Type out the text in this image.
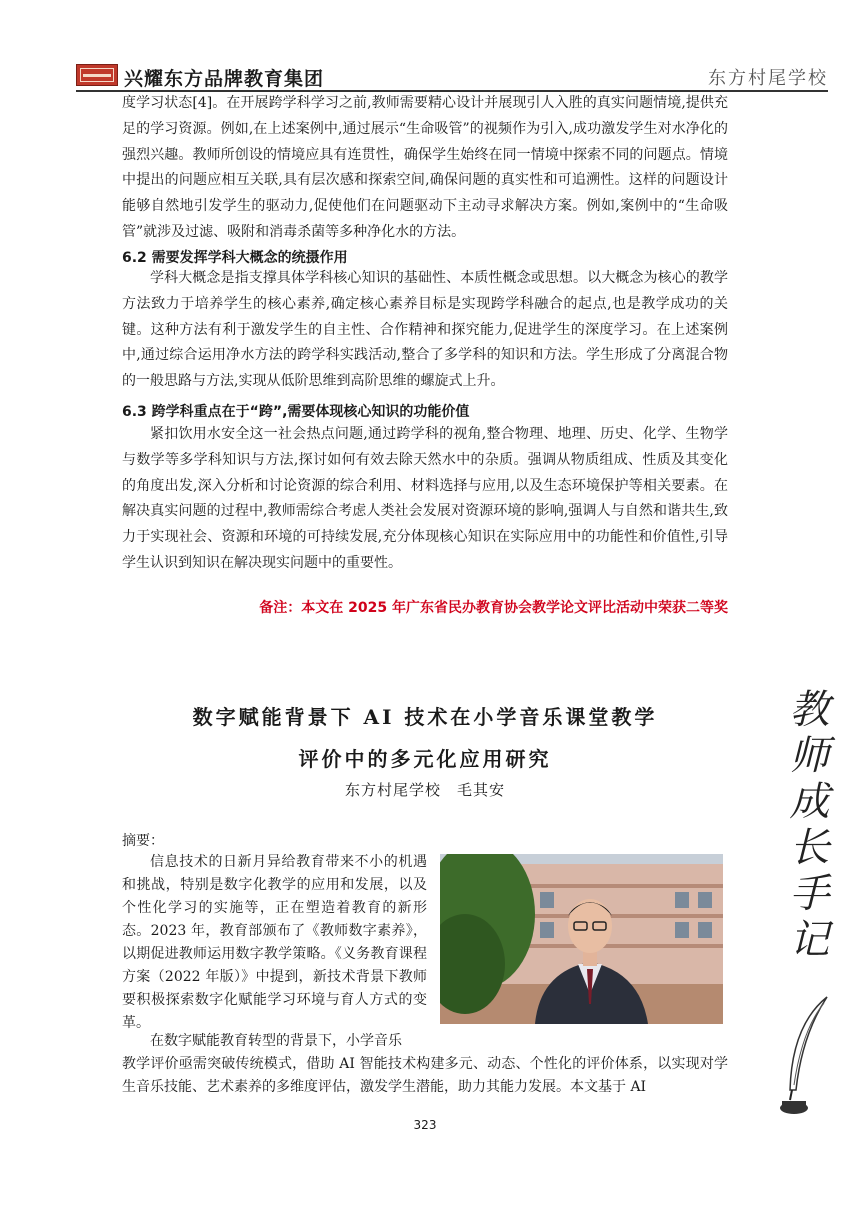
兴耀东方品牌教育集团	东方村尾学校

度学习状态[4]。在开展跨学科学习之前,教师需要精心设计并展现引人入胜的真实问题情境,提供充足的学习资源。例如,在上述案例中,通过展示“生命吸管”的视频作为引入,成功激发学生对水净化的强烈兴趣。教师所创设的情境应具有连贯性，确保学生始终在同一情境中探索不同的问题点。情境中提出的问题应相互关联,具有层次感和探索空间,确保问题的真实性和可追溯性。这样的问题设计能够自然地引发学生的驱动力,促使他们在问题驱动下主动寻求解决方案。例如,案例中的“生命吸管”就涉及过滤、吸附和消毒杀菌等多种净化水的方法。

6.2 需要发挥学科大概念的统摄作用

学科大概念是指支撑具体学科核心知识的基础性、本质性概念或思想。以大概念为核心的教学方法致力于培养学生的核心素养,确定核心素养目标是实现跨学科融合的起点,也是教学成功的关键。这种方法有利于激发学生的自主性、合作精神和探究能力,促进学生的深度学习。在上述案例中,通过综合运用净水方法的跨学科实践活动,整合了多学科的知识和方法。学生形成了分离混合物的一般思路与方法,实现从低阶思维到高阶思维的螺旋式上升。

6.3 跨学科重点在于“跨”,需要体现核心知识的功能价值

紧扣饮用水安全这一社会热点问题,通过跨学科的视角,整合物理、地理、历史、化学、生物学与数学等多学科知识与方法,探讨如何有效去除天然水中的杂质。强调从物质组成、性质及其变化的角度出发,深入分析和讨论资源的综合利用、材料选择与应用,以及生态环境保护等相关要素。在解决真实问题的过程中,教师需综合考虑人类社会发展对资源环境的影响,强调人与自然和谐共生,致力于实现社会、资源和环境的可持续发展,充分体现核心知识在实际应用中的功能性和价值性,引导学生认识到知识在解决现实问题中的重要性。

备注：本文在 2025 年广东省民办教育协会教学论文评比活动中荣获二等奖
数字赋能背景下 AI 技术在小学音乐课堂教学
评价中的多元化应用研究
东方村尾学校　毛其安
摘要：

信息技术的日新月异给教育带来不小的机遇和挑战，特别是数字化教学的应用和发展，以及个性化学习的实施等，正在塑造着教育的新形态。2023 年，教育部颁布了《教师数字素养》，以期促进教师运用数字教学策略。《义务教育课程方案（2022 年版）》中提到，新技术背景下教师要积极探索数字化赋能学习环境与育人方式的变革。

在数字赋能教育转型的背景下，小学音乐

教学评价亟需突破传统模式，借助 AI 智能技术构建多元、动态、个性化的评价体系，以实现对学生音乐技能、艺术素养的多维度评估，激发学生潜能，助力其能力发展。本文基于 AI

教师成长手记
323
